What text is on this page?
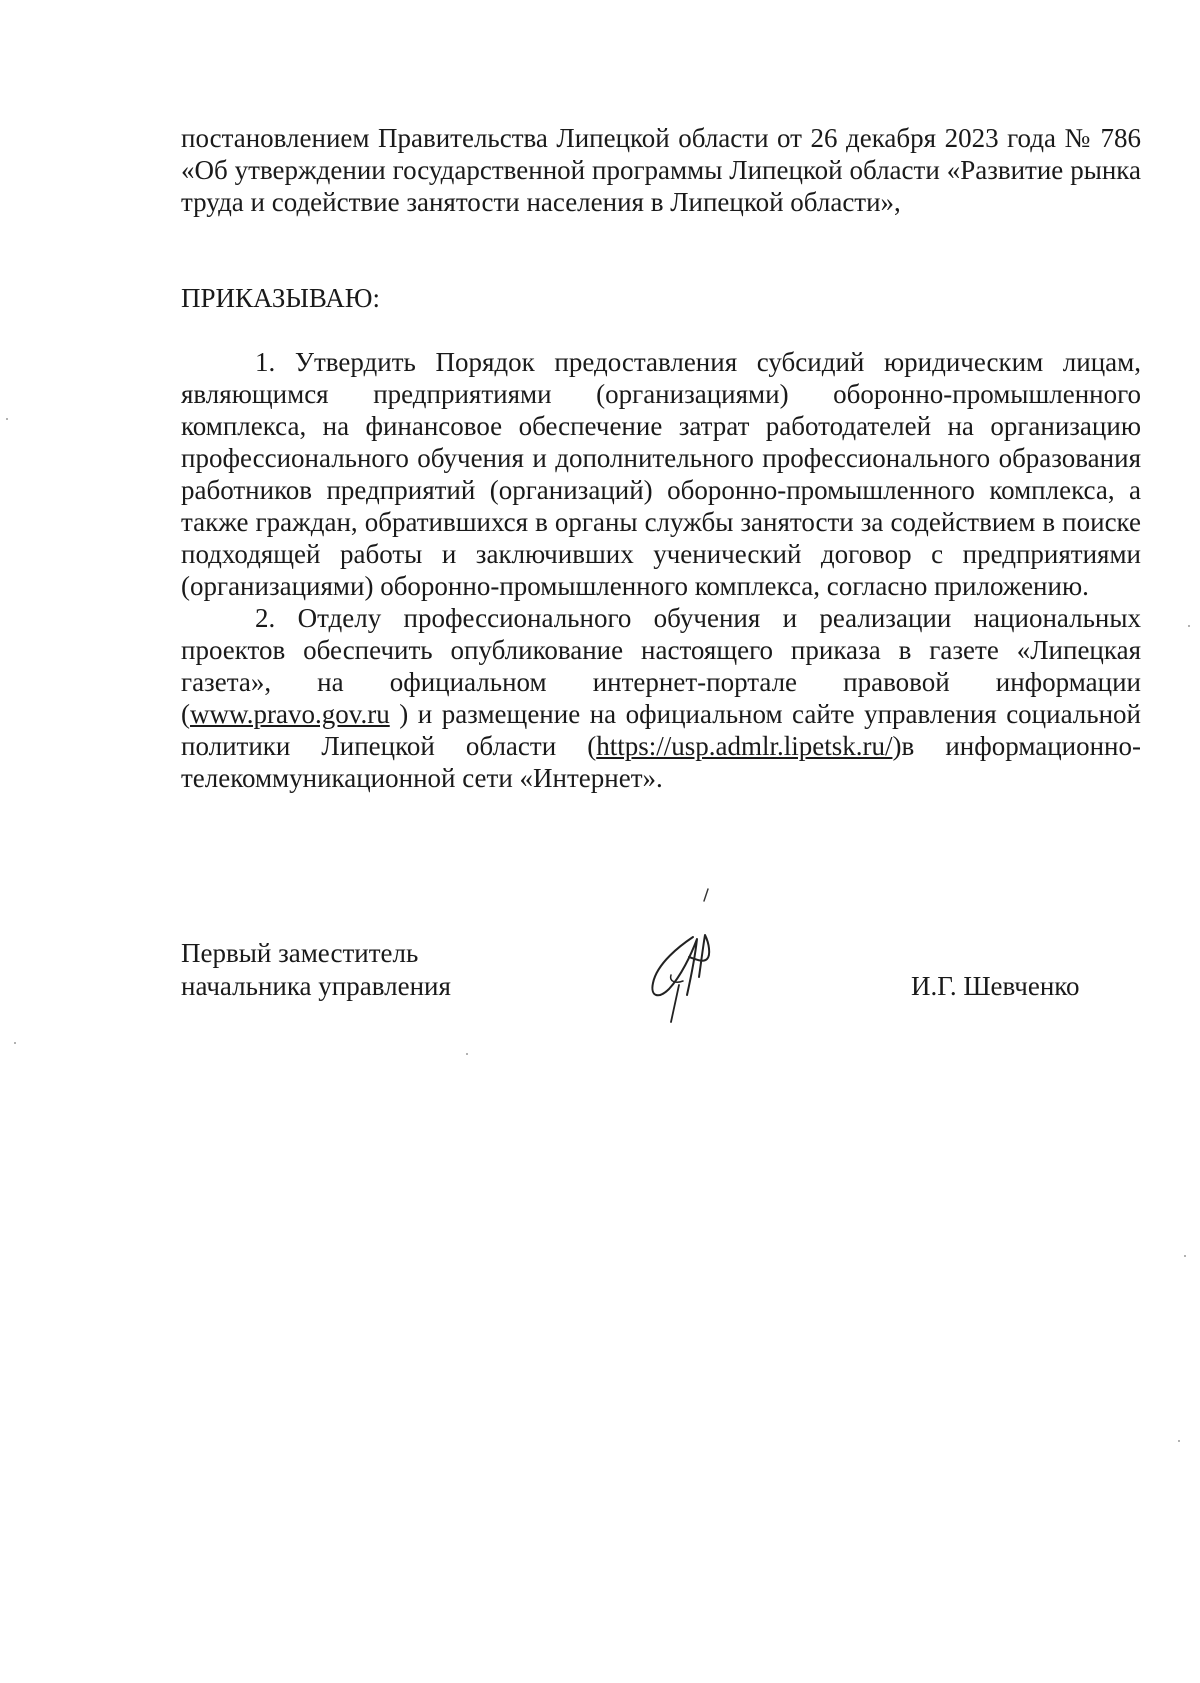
постановлением Правительства Липецкой области от 26 декабря 2023 года № 786 «Об утверждении государственной программы Липецкой области «Развитие рынка труда и содействие занятости населения в Липецкой области»,

ПРИКАЗЫВАЮ:

1. Утвердить Порядок предоставления субсидий юридическим лицам, являющимся предприятиями (организациями) оборонно-промышленного комплекса, на финансовое обеспечение затрат работодателей на организацию профессионального обучения и дополнительного профессионального образования работников предприятий (организаций) оборонно-промышленного комплекса, а также граждан, обратившихся в органы службы занятости за содействием в поиске подходящей работы и заключивших ученический договор с предприятиями (организациями) оборонно-промышленного комплекса, согласно приложению.

2. Отделу профессионального обучения и реализации национальных проектов обеспечить опубликование настоящего приказа в газете «Липецкая газета», на официальном интернет-портале правовой информации (www.pravo.gov.ru ) и размещение на официальном сайте управления социальной политики Липецкой области (https://usp.admlr.lipetsk.ru/)в информационно-телекоммуникационной сети «Интернет».

Первый заместитель
начальника управления	И.Г. Шевченко
